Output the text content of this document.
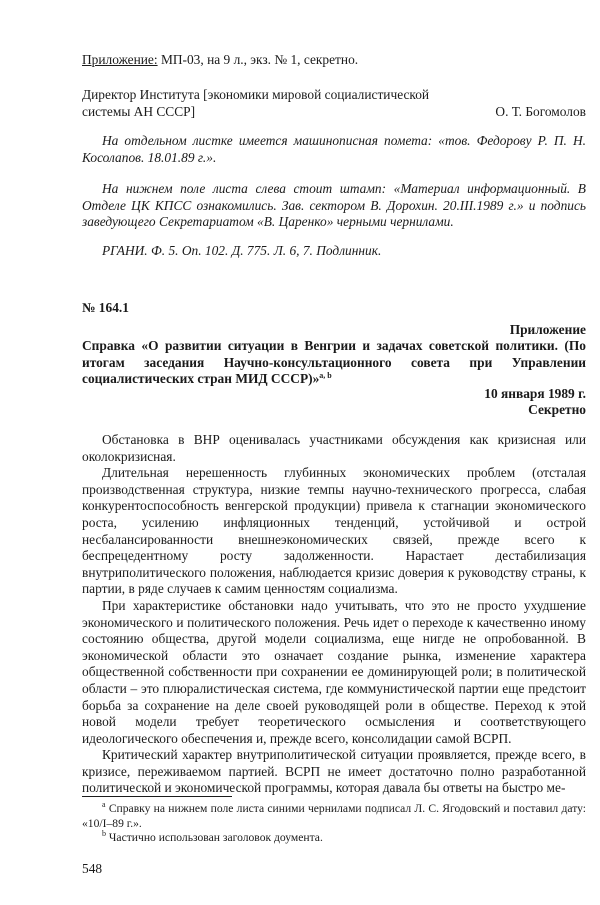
Приложение: МП-03, на 9 л., экз. № 1, секретно.
Директор Института [экономики мировой социалистической
системы АН СССР]	О. Т. Богомолов

На отдельном листке имеется машинописная помета: «тов. Федорову Р. П. Н. Косолапов. 18.01.89 г.».

На нижнем поле листа слева стоит штамп: «Материал информационный. В Отделе ЦК КПСС ознакомились. Зав. сектором В. Дорохин. 20.III.1989 г.» и подпись заведующего Секретариатом «В. Царенко» черными чернилами.

РГАНИ. Ф. 5. Оп. 102. Д. 775. Л. 6, 7. Подлинник.

№ 164.1
Приложение

Справка «О развитии ситуации в Венгрии и задачах советской политики. (По итогам заседания Научно-консультационного совета при Управлении социалистических стран МИД СССР)»$^{а, b}$

10 января 1989 г.
Секретно

Обстановка в ВНР оценивалась участниками обсуждения как кризисная или околокризисная.

Длительная нерешенность глубинных экономических проблем (отсталая производственная структура, низкие темпы научно-технического прогресса, слабая конкурентоспособность венгерской продукции) привела к стагнации экономического роста, усилению инфляционных тенденций, устойчивой и острой несбалансированности внешнеэкономических связей, прежде всего к беспрецедентному росту задолженности. Нарастает дестабилизация внутриполитического положения, наблюдается кризис доверия к руководству страны, к партии, в ряде случаев к самим ценностям социализма.

При характеристике обстановки надо учитывать, что это не просто ухудшение экономического и политического положения. Речь идет о переходе к качественно иному состоянию общества, другой модели социализма, еще нигде не опробованной. В экономической области это означает создание рынка, изменение характера общественной собственности при сохранении ее доминирующей роли; в политической области – это плюралистическая система, где коммунистической партии еще предстоит борьба за сохранение на деле своей руководящей роли в обществе. Переход к этой новой модели требует теоретического осмысления и соответствующего идеологического обеспечения и, прежде всего, консолидации самой ВСРП.

Критический характер внутриполитической ситуации проявляется, прежде всего, в кризисе, переживаемом партией. ВСРП не имеет достаточно полно разработанной политической и экономической программы, которая давала бы ответы на быстро ме-

$^а$ Справку на нижнем поле листа синими чернилами подписал Л. С. Ягодовский и поставил дату: «10/I–89 г.».

$^b$ Частично использован заголовок доумента.

548
